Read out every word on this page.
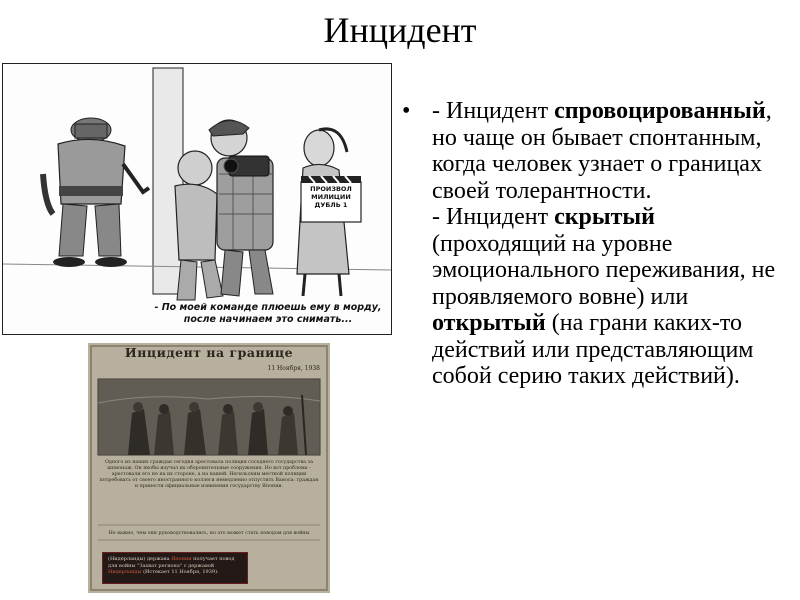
Инцидент
ПРОИЗВОЛ МИЛИЦИИ ДУБЛЬ 1
- По моей команде плюешь ему в морду, после начинаем это снимать...
Инцидент на границе
11 Ноября, 1938
Одного из наших граждан сегодня арестовала полиция соседнего государства за шпионаж. Он якобы изучал их оборонительные сооружения. Но вот проблема - арестовали его не на их стороне, а на нашей. Негильским местной полиции потребовать от своего иностранного коллеги немедленно отпустить Ваноса: граждан и принести официальные извинения государству Японии.
Не важно, чем они руководствовались, но это может стать поводом для войны
(Нидерланды) держава Японии получает повод для войны "Захват региона" с державой Нидерланды (Истекает 11 Ноября, 1939).
• - Инцидент спровоцированный, но чаще он бывает спонтанным, когда человек узнает о границах своей толерантности.
- Инцидент скрытый (проходящий на уровне эмоционального переживания, не проявляемого вовне) или открытый (на грани каких-то действий или представляющим собой серию таких действий).
